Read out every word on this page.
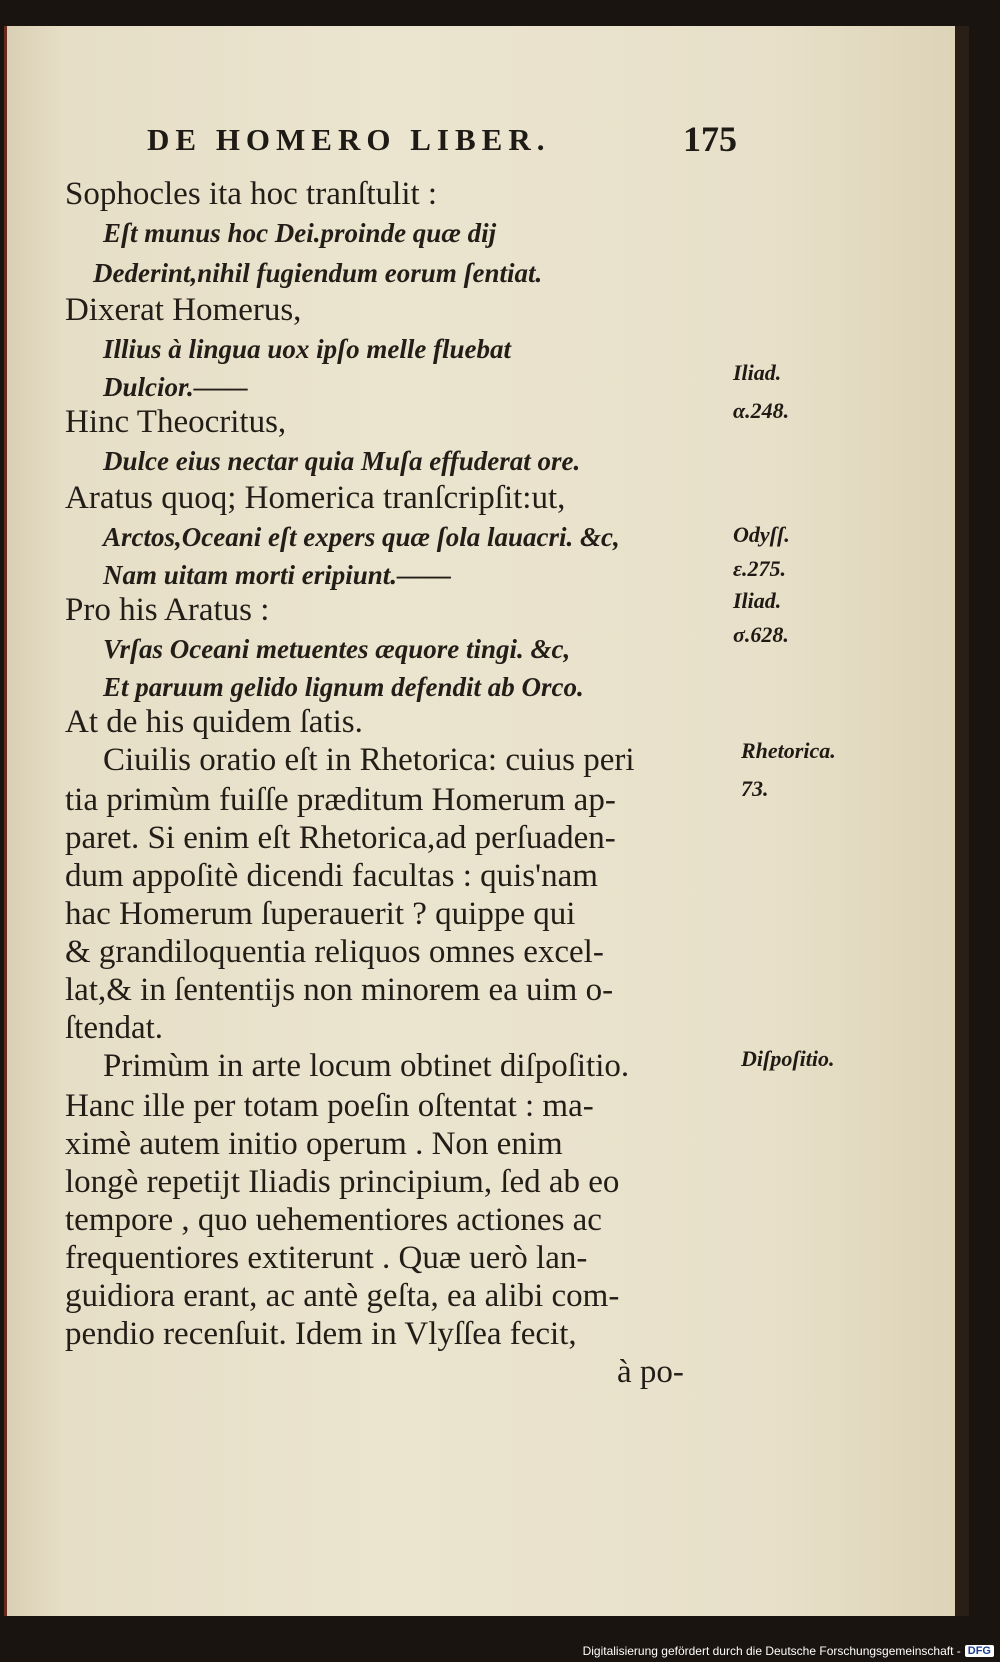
DE HOMERO LIBER.	175
Sophocles ita hoc tranſtulit :
Eſt munus hoc Dei.proinde quæ dij
Dederint,nihil fugiendum eorum ſentiat.
Dixerat Homerus,
Illius à lingua uox ipſo melle fluebat
Dulcior.——
Hinc Theocritus,
Dulce eius nectar quia Muſa effuderat ore.
Aratus quoq; Homerica tranſcripſit:ut,
Arctos,Oceani eſt expers quæ ſola lauacri. &c,
Nam uitam morti eripiunt.——
Pro his Aratus :
Vrſas Oceani metuentes æquore tingi. &c,
Et paruum gelido lignum defendit ab Orco.
At de his quidem ſatis.
Ciuilis oratio eſt in Rhetorica: cuius peri
tia primùm fuiſſe præditum Homerum ap-
paret. Si enim eſt Rhetorica,ad perſuaden-
dum appoſitè dicendi facultas : quis'nam
hac Homerum ſuperauerit ? quippe qui
& grandiloquentia reliquos omnes excel-
lat,& in ſententijs non minorem ea uim o-
ſtendat.
Primùm in arte locum obtinet diſpoſitio.
Hanc ille per totam poeſin oſtentat : ma-
ximè autem initio operum . Non enim
longè repetijt Iliadis principium, ſed ab eo
tempore , quo uehementiores actiones ac
frequentiores extiterunt . Quæ uerò lan-
guidiora erant, ac antè geſta, ea alibi com-
pendio recenſuit. Idem in Vlyſſea fecit,
à po-
Iliad.
α.248.
Odyſſ.
ε.275.
Iliad.
σ.628.
Rhetorica.
73.
Diſpoſitio.
Digitalisierung gefördert durch die Deutsche Forschungsgemeinschaft - DFG
